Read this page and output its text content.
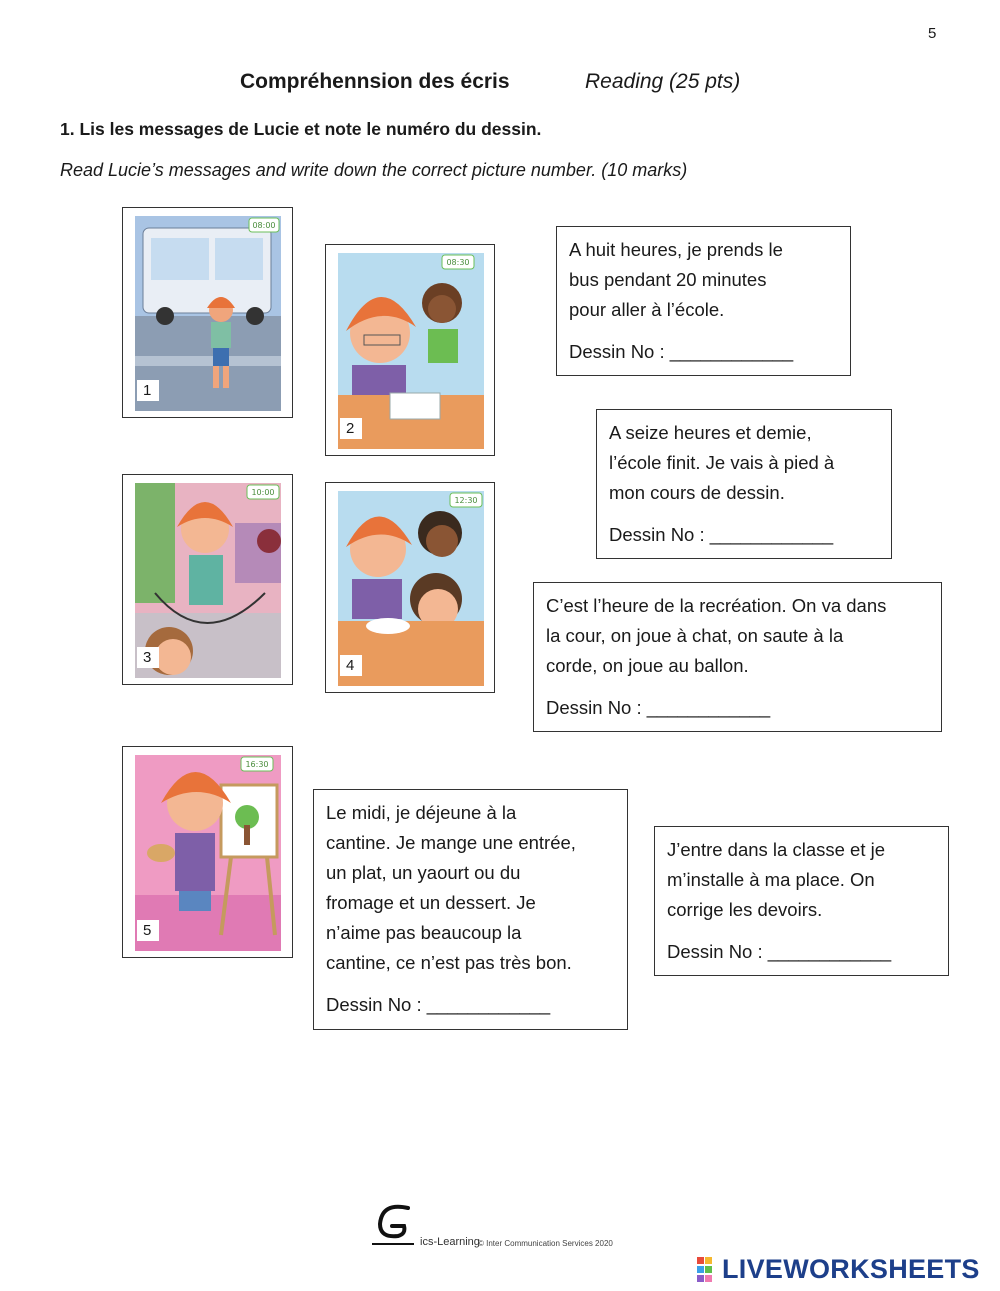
5
Compréhennsion des écris	Reading (25 pts)
1. Lis les messages de Lucie et note le numéro du dessin.
Read Lucie’s messages and write down the correct picture number. (10 marks)
08:00
1
08:30
2
10:00
3
12:30
4
16:30
5
A huit heures, je prends le
bus pendant 20 minutes
pour aller à l’école.
Dessin No : ____________
A seize heures et demie,
l’école finit. Je vais à pied à
mon cours de dessin.
Dessin No : ____________
C’est l’heure de la recréation. On va dans
la cour, on joue à chat, on saute à la
corde, on joue au ballon.
Dessin No : ____________
Le midi, je déjeune à la
cantine. Je mange une entrée,
un plat, un yaourt ou du
fromage et un dessert. Je
n’aime pas beaucoup la
cantine, ce n’est pas très bon.
Dessin No : ____________
J’entre dans la classe et je
m’installe à ma place. On
corrige les devoirs.
Dessin No : ____________
ics-Learning
© Inter Communication Services 2020
LIVEWORKSHEETS
